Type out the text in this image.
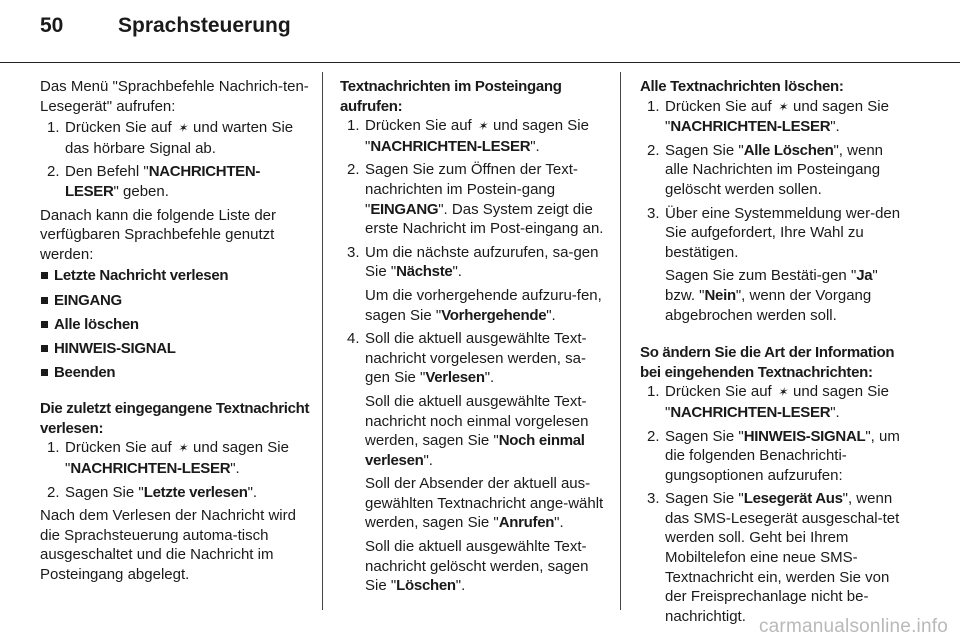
50	Sprachsteuerung

Das Menü "Sprachbefehle Nachrich-ten-Lesegerät" aufrufen:

1. Drücken Sie auf ✶ und warten Sie das hörbare Signal ab.
2. Den Befehl "NACHRICHTEN-LESER" geben.

Danach kann die folgende Liste der verfügbaren Sprachbefehle genutzt werden:

Letzte Nachricht verlesen
EINGANG
Alle löschen
HINWEIS-SIGNAL
Beenden

Die zuletzt eingegangene Textnachricht verlesen:

1. Drücken Sie auf ✶ und sagen Sie "NACHRICHTEN-LESER".
2. Sagen Sie "Letzte verlesen".

Nach dem Verlesen der Nachricht wird die Sprachsteuerung automa-tisch ausgeschaltet und die Nachricht im Posteingang abgelegt.

Textnachrichten im Posteingang aufrufen:

1. Drücken Sie auf ✶ und sagen Sie "NACHRICHTEN-LESER".
2. Sagen Sie zum Öffnen der Text-nachrichten im Postein-gang "EINGANG". Das System zeigt die erste Nachricht im Post-eingang an.
3. Um die nächste aufzurufen, sa-gen Sie "Nächste".
Um die vorhergehende aufzuru-fen, sagen Sie "Vorhergehende".
4. Soll die aktuell ausgewählte Text-nachricht vorgelesen werden, sa-gen Sie "Verlesen".
Soll die aktuell ausgewählte Text-nachricht noch einmal vorgelesen werden, sagen Sie "Noch einmal verlesen".
Soll der Absender der aktuell aus-gewählten Textnachricht ange-wählt werden, sagen Sie "Anrufen".
Soll die aktuell ausgewählte Text-nachricht gelöscht werden, sagen Sie "Löschen".

Alle Textnachrichten löschen:

1. Drücken Sie auf ✶ und sagen Sie "NACHRICHTEN-LESER".
2. Sagen Sie "Alle Löschen", wenn alle Nachrichten im Posteingang gelöscht werden sollen.
3. Über eine Systemmeldung wer-den Sie aufgefordert, Ihre Wahl zu bestätigen.
Sagen Sie zum Bestäti-gen "Ja" bzw. "Nein", wenn der Vorgang abgebrochen werden soll.

So ändern Sie die Art der Information bei eingehenden Textnachrichten:

1. Drücken Sie auf ✶ und sagen Sie "NACHRICHTEN-LESER".
2. Sagen Sie "HINWEIS-SIGNAL", um die folgenden Benachrichti-gungsoptionen aufzurufen:
3. Sagen Sie "Lesegerät Aus", wenn das SMS-Lesegerät ausgeschal-tet werden soll. Geht bei Ihrem Mobiltelefon eine neue SMS-Textnachricht ein, werden Sie von der Freisprechanlage nicht be-nachrichtigt. carmanualsonline.info
